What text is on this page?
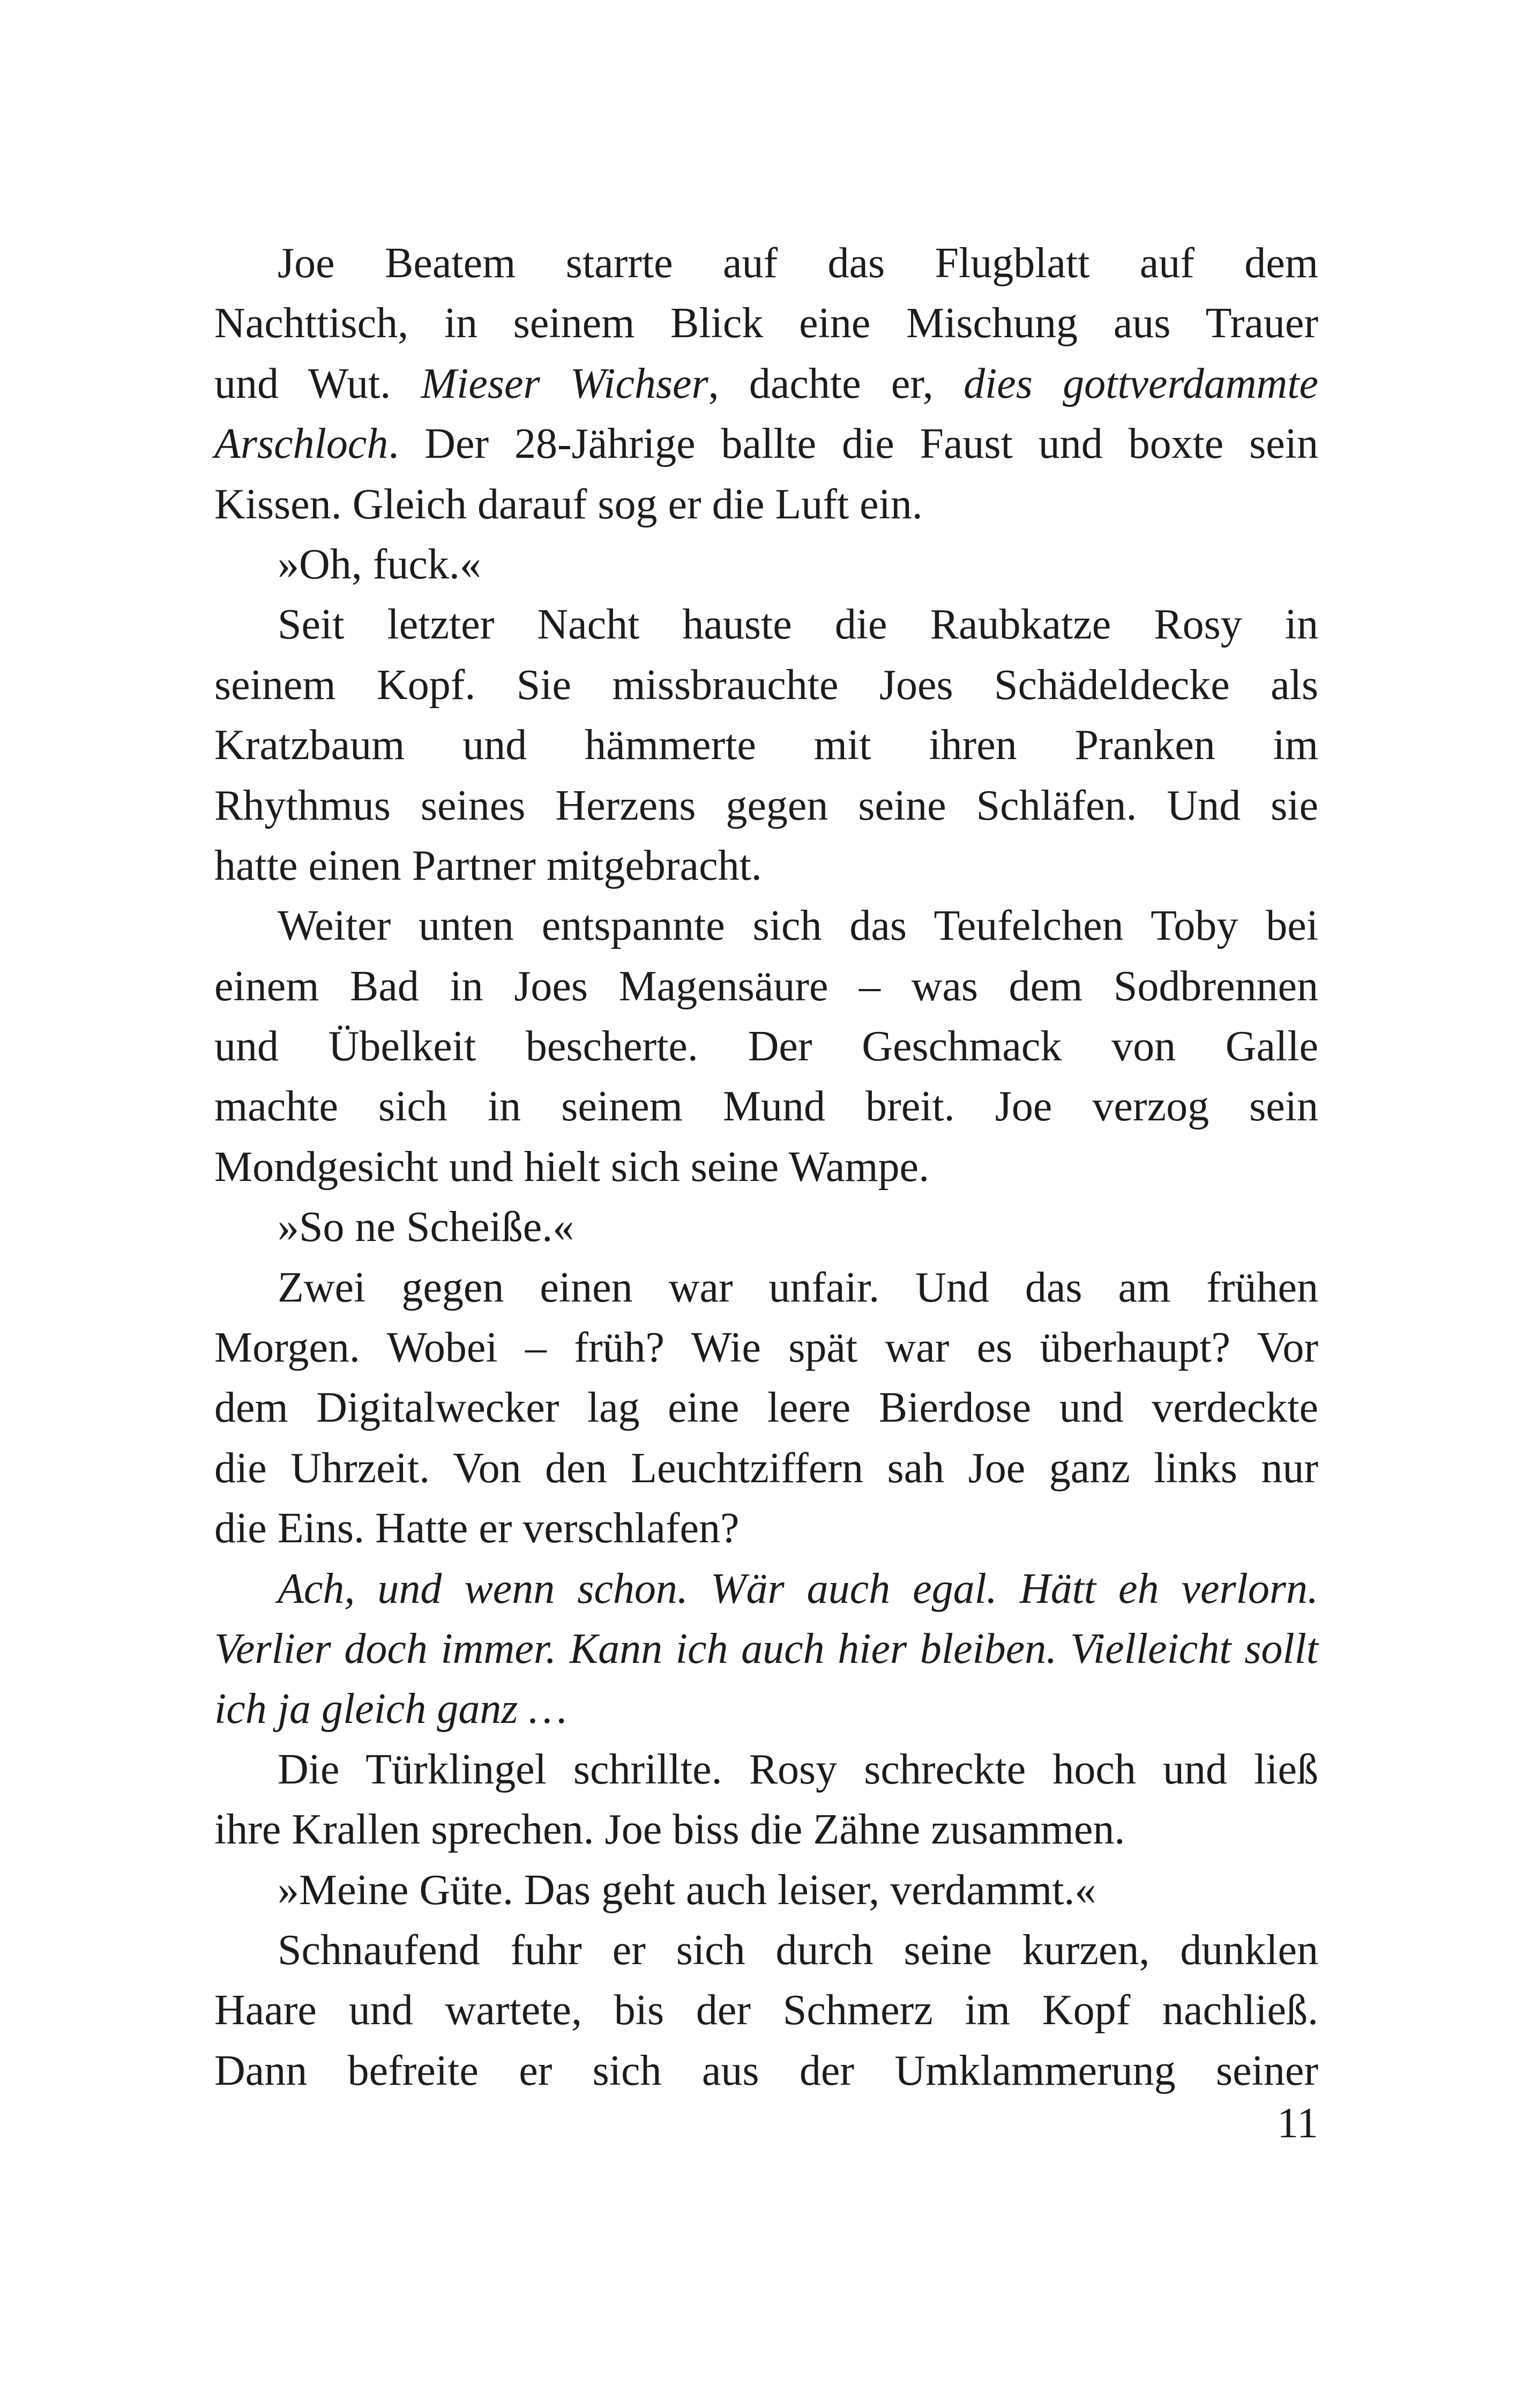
Joe Beatem starrte auf das Flugblatt auf dem
Nachttisch, in seinem Blick eine Mischung aus Trauer
und Wut. Mieser Wichser, dachte er, dies gottverdammte
Arschloch. Der 28-Jährige ballte die Faust und boxte sein
Kissen. Gleich darauf sog er die Luft ein.
»Oh, fuck.«
Seit letzter Nacht hauste die Raubkatze Rosy in
seinem Kopf. Sie missbrauchte Joes Schädeldecke als
Kratzbaum und hämmerte mit ihren Pranken im
Rhythmus seines Herzens gegen seine Schläfen. Und sie
hatte einen Partner mitgebracht.
Weiter unten entspannte sich das Teufelchen Toby bei
einem Bad in Joes Magensäure – was dem Sodbrennen
und Übelkeit bescherte. Der Geschmack von Galle
machte sich in seinem Mund breit. Joe verzog sein
Mondgesicht und hielt sich seine Wampe.
»So ne Scheiße.«
Zwei gegen einen war unfair. Und das am frühen
Morgen. Wobei – früh? Wie spät war es überhaupt? Vor
dem Digitalwecker lag eine leere Bierdose und verdeckte
die Uhrzeit. Von den Leuchtziffern sah Joe ganz links nur
die Eins. Hatte er verschlafen?
Ach, und wenn schon. Wär auch egal. Hätt eh verlorn.
Verlier doch immer. Kann ich auch hier bleiben. Vielleicht sollt
ich ja gleich ganz …
Die Türklingel schrillte. Rosy schreckte hoch und ließ
ihre Krallen sprechen. Joe biss die Zähne zusammen.
»Meine Güte. Das geht auch leiser, verdammt.«
Schnaufend fuhr er sich durch seine kurzen, dunklen
Haare und wartete, bis der Schmerz im Kopf nachließ.
Dann befreite er sich aus der Umklammerung seiner
11
